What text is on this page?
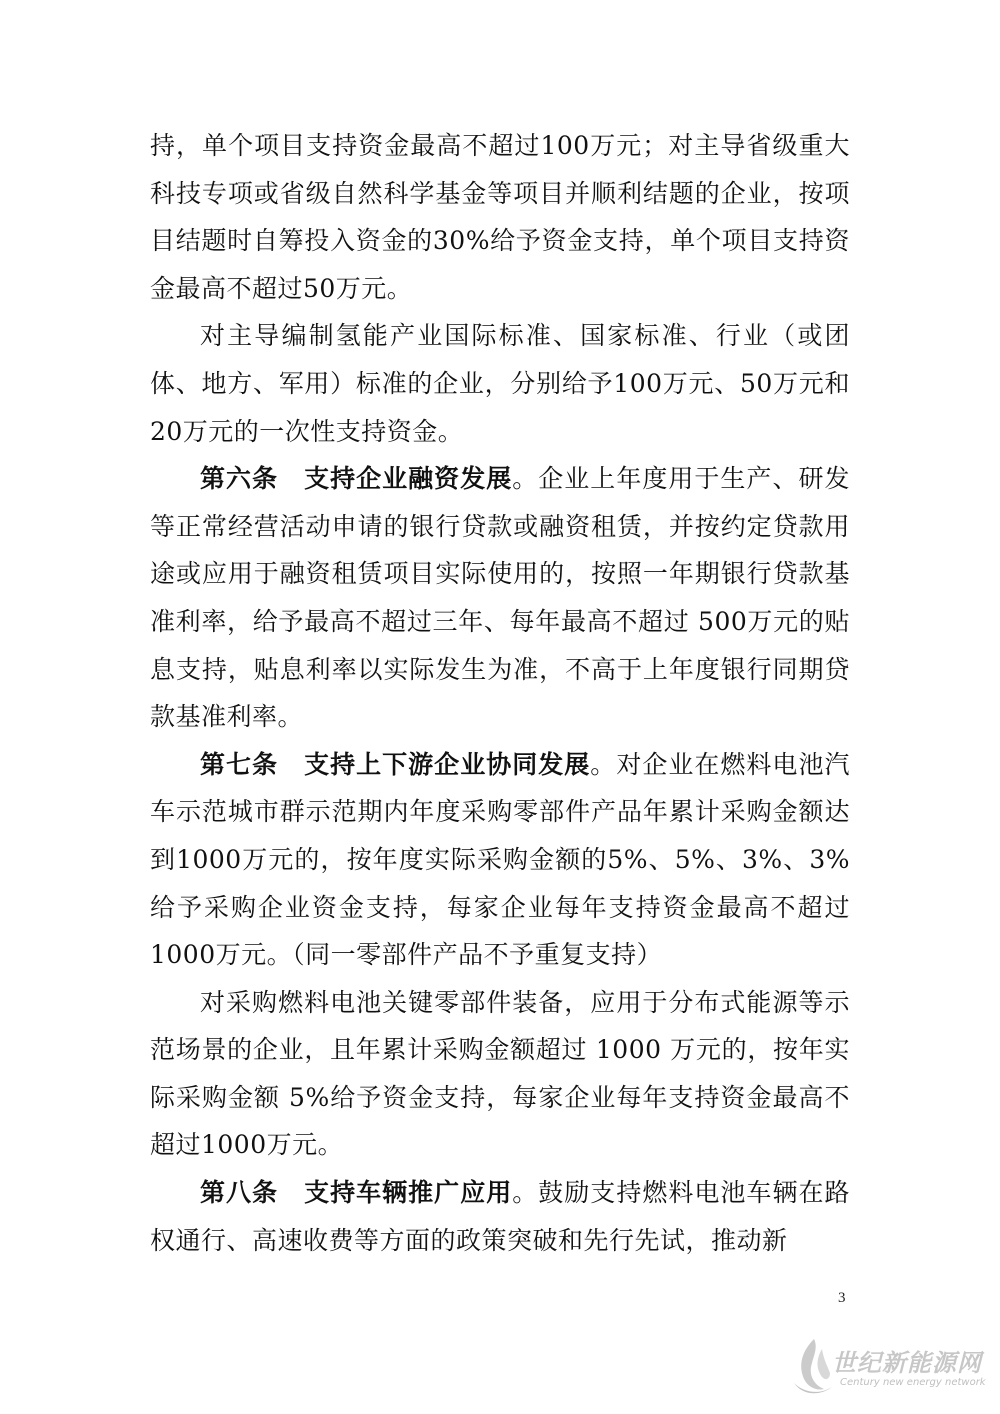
持，单个项目支持资金最高不超过100万元；对主导省级重大科技专项或省级自然科学基金等项目并顺利结题的企业，按项目结题时自筹投入资金的30%给予资金支持，单个项目支持资金最高不超过50万元。

对主导编制氢能产业国际标准、国家标准、行业（或团体、地方、军用）标准的企业，分别给予100万元、50万元和20万元的一次性支持资金。

第六条　支持企业融资发展。企业上年度用于生产、研发等正常经营活动申请的银行贷款或融资租赁，并按约定贷款用途或应用于融资租赁项目实际使用的，按照一年期银行贷款基准利率，给予最高不超过三年、每年最高不超过 500万元的贴息支持，贴息利率以实际发生为准，不高于上年度银行同期贷款基准利率。

第七条　支持上下游企业协同发展。对企业在燃料电池汽车示范城市群示范期内年度采购零部件产品年累计采购金额达到1000万元的，按年度实际采购金额的5%、5%、3%、3%给予采购企业资金支持，每家企业每年支持资金最高不超过1000万元。（同一零部件产品不予重复支持）

对采购燃料电池关键零部件装备，应用于分布式能源等示范场景的企业，且年累计采购金额超过 1000 万元的，按年实际采购金额 5%给予资金支持，每家企业每年支持资金最高不超过1000万元。

第八条　支持车辆推广应用。鼓励支持燃料电池车辆在路权通行、高速收费等方面的政策突破和先行先试，推动新

3
世纪新能源网
Century new energy network
